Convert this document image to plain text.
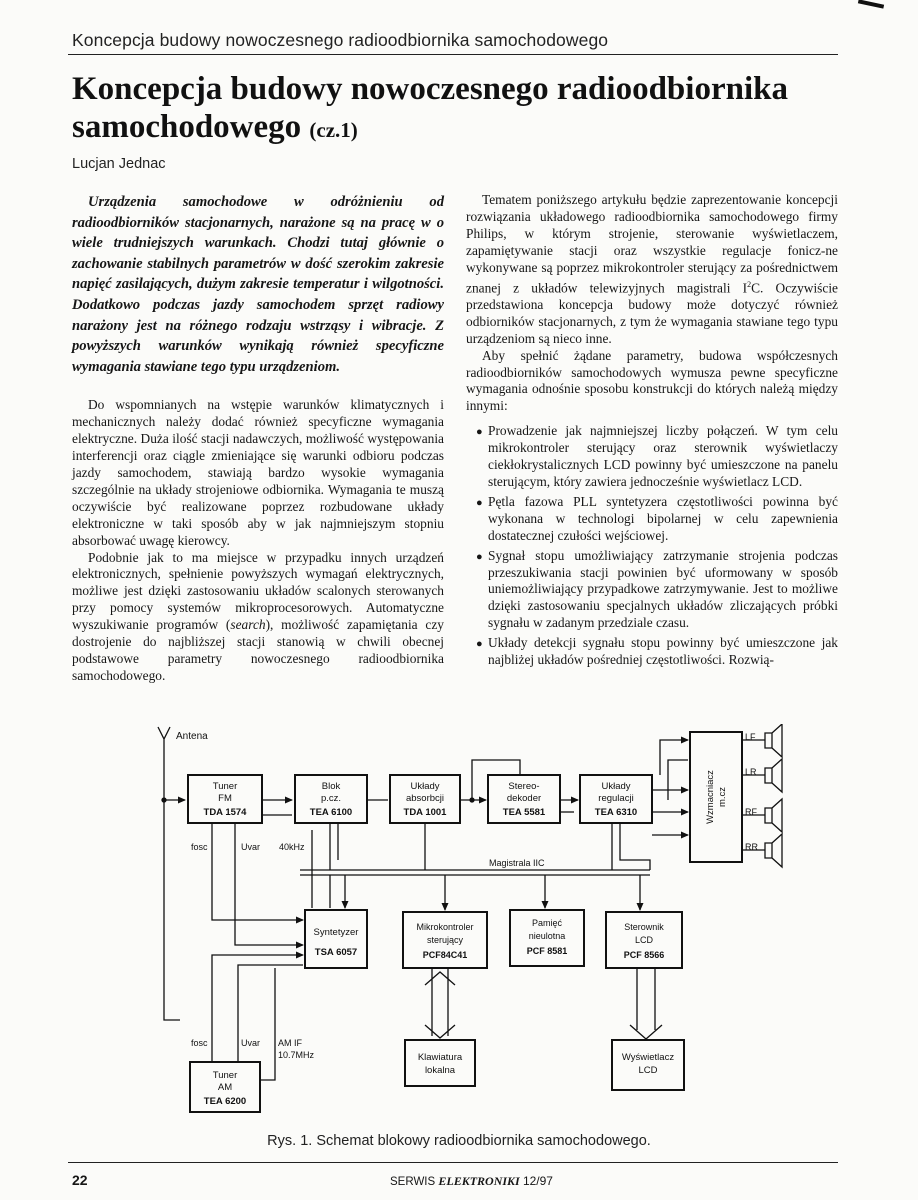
Koncepcja budowy nowoczesnego radioodbiornika samochodowego
Koncepcja budowy nowoczesnego radioodbiornika samochodowego (cz.1)
Lucjan Jednac

Urządzenia samochodowe w odróżnieniu od radioodbiorników stacjonarnych, narażone są na pracę w o wiele trudniejszych warunkach. Chodzi tutaj głównie o zachowanie stabilnych parametrów w dość szerokim zakresie napięć zasilających, dużym zakresie temperatur i wilgotności. Dodatkowo podczas jazdy samochodem sprzęt radiowy narażony jest na różnego rodzaju wstrząsy i wibracje. Z powyższych warunków wynikają również specyficzne wymagania stawiane tego typu urządzeniom.

Do wspomnianych na wstępie warunków klimatycznych i mechanicznych należy dodać również specyficzne wymagania elektryczne. Duża ilość stacji nadawczych, możliwość występowania interferencji oraz ciągle zmieniające się warunki odbioru podczas jazdy samochodem, stawiają bardzo wysokie wymagania szczególnie na układy strojeniowe odbiornika. Wymagania te muszą oczywiście być realizowane poprzez rozbudowane układy elektroniczne w taki sposób aby w jak najmniejszym stopniu absorbować uwagę kierowcy.

Podobnie jak to ma miejsce w przypadku innych urządzeń elektronicznych, spełnienie powyższych wymagań elektrycznych, możliwe jest dzięki zastosowaniu układów scalonych sterowanych przy pomocy systemów mikroprocesorowych. Automatyczne wyszukiwanie programów (search), możliwość zapamiętania czy dostrojenie do najbliższej stacji stanowią w chwili obecnej podstawowe parametry nowoczesnego radioodbiornika samochodowego.

Tematem poniższego artykułu będzie zaprezentowanie koncepcji rozwiązania układowego radioodbiornika samochodowego firmy Philips, w którym strojenie, sterowanie wyświetlaczem, zapamiętywanie stacji oraz wszystkie regulacje fonicz-ne wykonywane są poprzez mikrokontroler sterujący za pośrednictwem znanej z układów telewizyjnych magistrali $I^2C$. Oczywiście przedstawiona koncepcja budowy może dotyczyć również odbiorników stacjonarnych, z tym że wymagania stawiane tego typu urządzeniom są nieco inne.

Aby spełnić żądane parametry, budowa współczesnych radioodbiorników samochodowych wymusza pewne specyficzne wymagania odnośnie sposobu konstrukcji do których należą między innymi:

● Prowadzenie jak najmniejszej liczby połączeń. W tym celu mikrokontroler sterujący oraz sterownik wyświetlaczy ciekłokrystalicznych LCD powinny być umieszczone na panelu sterującym, który zawiera jednocześnie wyświetlacz LCD.
● Pętla fazowa PLL syntetyzera częstotliwości powinna być wykonana w technologi bipolarnej w celu zapewnienia dostatecznej czułości wejściowej.
● Sygnał stopu umożliwiający zatrzymanie strojenia podczas przeszukiwania stacji powinien być uformowany w sposób uniemożliwiający przypadkowe zatrzymywanie. Jest to możliwe dzięki zastosowaniu specjalnych układów zliczających próbki sygnału w zadanym przedziale czasu.
● Układy detekcji sygnału stopu powinny być umieszczone jak najbliżej układów pośredniej częstotliwości. Rozwią-
Antena
Tuner
FM
TDA 1574
Blok
p.cz.
TEA 6100
Układy
absorbcji
TDA 1001
Stereo-
dekoder
TEA 5581
Układy
regulacji
TEA 6310
Syntetyzer
TSA 6057
Mikrokontroler
sterujący
PCF84C41
Pamięć
nieulotna
PCF 8581
Sterownik
LCD
PCF 8566
Tuner
AM
TEA 6200
Klawiatura
lokalna
Wyświetlacz
LCD
Wzmacniacz m.cz
LF
LR
RF
RR
fosc	Uvar 40kHz
Magistrala IIC
fosc	Uvar AM IF
10.7MHz
Rys. 1. Schemat blokowy radioodbiornika samochodowego.
22	SERWIS ELEKTRONIKI 12/97
